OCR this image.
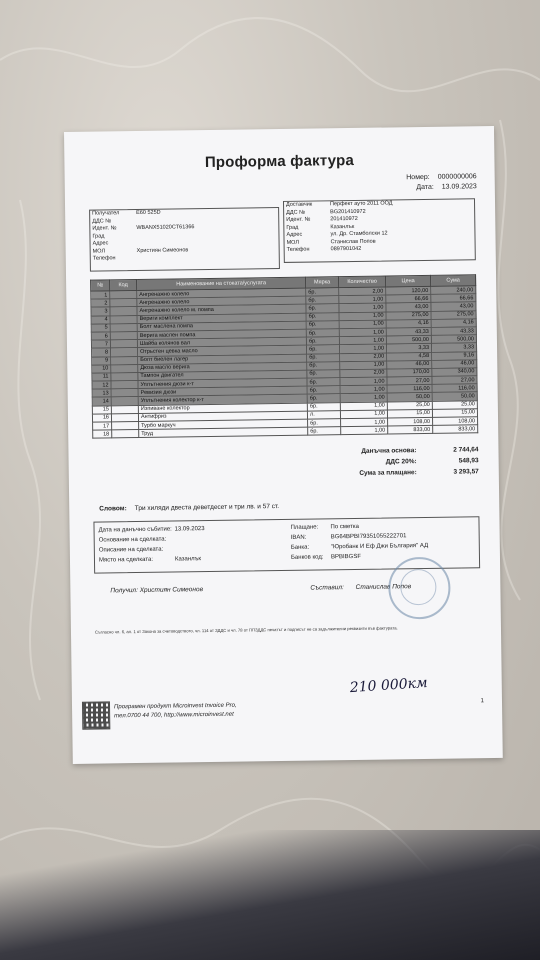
Проформа фактура
Номер: 0000000006
Дата: 13.09.2023
Получател	Е60 525D
ДДС №
Идент. №	WBANX51020CT61366
Град
Адрес
МОЛ	Християн Симеонов
Телефон
Доставчик	Перфект ауто 2011 ООД
ДДС №	BG201410972
Идент. №	201410972
Град	Казанлък
Адрес	ул. Др. Стамболски 12
МОЛ	Станислав Попов
Телефон	0897901042
№	Код	Наименование на стоката/услугата	Мярка	Количество	Цена	Сума
1		Ангренажно колело	бр.	2,00	120,00	240,00
2		Ангренажно колело	бр.	1,00	66,66	66,66
3		Ангренажно колело м. помпа	бр.	1,00	43,00	43,00
4		Вериги комплект	бр.	1,00	275,00	275,00
5		Болт маслена помпа	бр.	1,00	4,16	4,16
6		Верига маслен помпа	бр.	1,00	43,33	43,33
7		Шайба колянов вал	бр.	1,00	500,00	500,00
8		Отрьстен цевка масло	бр.	1,00	3,33	3,33
9		Болт биелен лагер	бр.	2,00	4,58	9,16
10		Дюза масло верига	бр.	1,00	46,00	46,00
11		Тампон двигател	бр.	2,00	170,00	340,00
12		Уплътнения дюзи к-т	бр.	1,00	27,00	27,00
13		Ревизия дюзи	бр.	1,00	116,00	116,00
14		Уплътнения колектор к-т	бр.	1,00	50,00	50,00
15		Изпиване колектор	бр.	1,00	25,00	25,00
16		Антифриз	л.	1,00	15,00	15,00
17		Турбо маркуч	бр.	1,00	108,00	108,00
18		Труд	бр.	1,00	833,00	833,00
Данъчна основа:	2 744,64
ДДС 20%:	548,93
Сума за плащане:	3 293,57
Словом: Три хиляди двеста деветдесет и три лв. и 57 ст.
Дата на данъчно събитие: 13.09.2023
Основание на сделката:
Описание на сделката:
Място на сделката:	Казанлък
Плащане: По сметка
IBAN:	BG64BPBI79351055222701
Банка:	"Юробанк И Еф Джи България" АД
Банков код: BPBIBGSF
Получил: Християн Симеонов	Съставил: Станислав Попов
Съгласно чл. 6, ал. 1 от Закона за счетоводството, чл. 114 от ЗДДС и чл. 78 от ППЗДДС печатът и подписът не са задължителни реквизити във фактурата.
210 000км
Програмен продукт Microinvest Invoice Pro,
тел.0700 44 700, http://www.microinvest.net
1
